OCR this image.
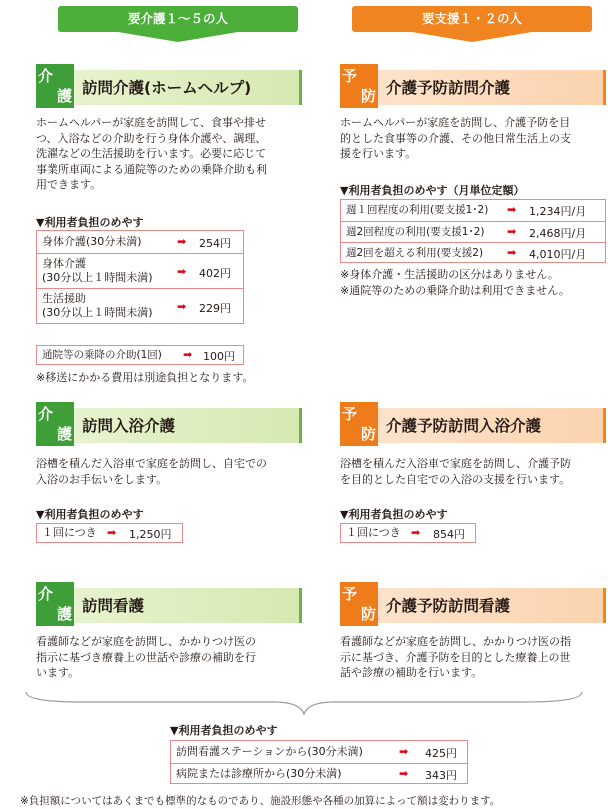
要介護１～５の人	要支援１・２の人
介
護 訪問介護(ホームヘルプ)
ホームヘルパーが家庭を訪問して、食事や排せ
つ、入浴などの介助を行う身体介護や、調理、
洗濯などの生活援助を行います。必要に応じて
事業所車両による通院等のための乗降介助も利
用できます。
▼利用者負担のめやす
身体介護(30分未満)	➡ 254円
身体介護
(30分以上１時間未満) ➡ 402円
生活援助
(30分以上１時間未満) ➡ 229円
通院等の乗降の介助(1回) ➡ 100円
※移送にかかる費用は別途負担となります。
予
防 介護予防訪問介護
ホームヘルパーが家庭を訪問し、介護予防を目
的とした食事等の介護、その他日常生活上の支
援を行います。
▼利用者負担のめやす（月単位定額）
週１回程度の利用(要支援1･2) ➡ 1,234円/月
週2回程度の利用(要支援1･2) ➡ 2,468円/月
週2回を超える利用(要支援2) ➡ 4,010円/月
※身体介護・生活援助の区分はありません。
※通院等のための乗降介助は利用できません。
介
護 訪問入浴介護
浴槽を積んだ入浴車で家庭を訪問し、自宅での
入浴のお手伝いをします。
▼利用者負担のめやす
１回につき ➡ 1,250円
予
防 介護予防訪問入浴介護
浴槽を積んだ入浴車で家庭を訪問し、介護予防
を目的とした自宅での入浴の支援を行います。
▼利用者負担のめやす
１回につき ➡ 854円
介
護 訪問看護
看護師などが家庭を訪問し、かかりつけ医の
指示に基づき療養上の世話や診療の補助を行
います。
予
防 介護予防訪問看護
看護師などが家庭を訪問し、かかりつけ医の指
示に基づき、介護予防を目的とした療養上の世
話や診療の補助を行います。
▼利用者負担のめやす
訪問看護ステーションから(30分未満)	➡ 425円
病院または診療所から(30分未満)	➡ 343円
※負担額についてはあくまでも標準的なものであり、施設形態や各種の加算によって額は変わります。
